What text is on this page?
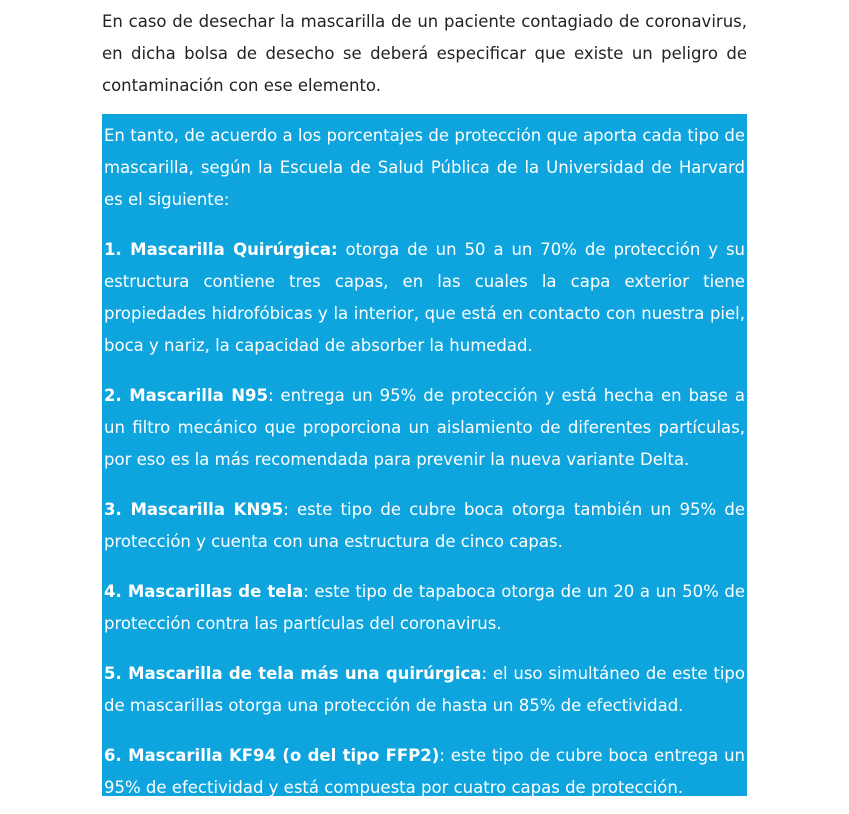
En caso de desechar la mascarilla de un paciente contagiado de coronavirus, en dicha bolsa de desecho se deberá especificar que existe un peligro de contaminación con ese elemento.

En tanto, de acuerdo a los porcentajes de protección que aporta cada tipo de mascarilla, según la Escuela de Salud Pública de la Universidad de Harvard es el siguiente:

1. Mascarilla Quirúrgica: otorga de un 50 a un 70% de protección y su estructura contiene tres capas, en las cuales la capa exterior tiene propiedades hidrofóbicas y la interior, que está en contacto con nuestra piel, boca y nariz, la capacidad de absorber la humedad.

2. Mascarilla N95: entrega un 95% de protección y está hecha en base a un filtro mecánico que proporciona un aislamiento de diferentes partículas, por eso es la más recomendada para prevenir la nueva variante Delta.

3. Mascarilla KN95: este tipo de cubre boca otorga también un 95% de protección y cuenta con una estructura de cinco capas.

4. Mascarillas de tela: este tipo de tapaboca otorga de un 20 a un 50% de protección contra las partículas del coronavirus.

5. Mascarilla de tela más una quirúrgica: el uso simultáneo de este tipo de mascarillas otorga una protección de hasta un 85% de efectividad.

6. Mascarilla KF94 (o del tipo FFP2): este tipo de cubre boca entrega un 95% de efectividad y está compuesta por cuatro capas de protección.
